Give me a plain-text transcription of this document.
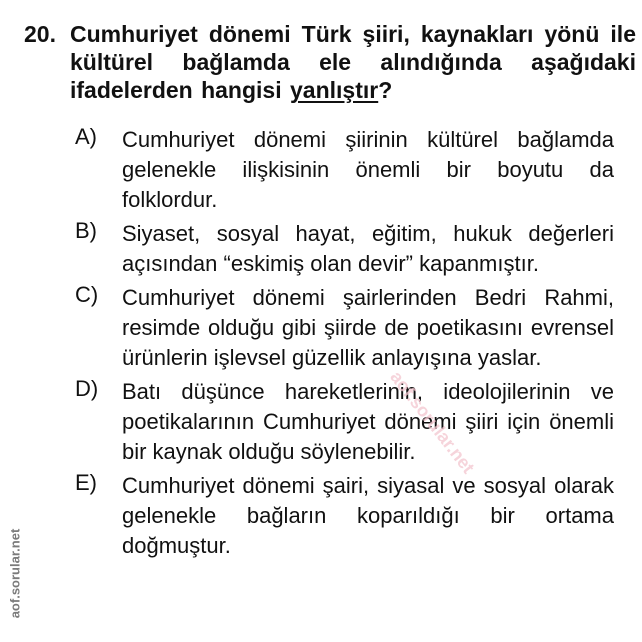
20. Cumhuriyet dönemi Türk şiiri, kaynakları yönü ile kültürel bağlamda ele alındığında aşağıdaki ifadelerden hangisi yanlıştır?
A) Cumhuriyet dönemi şiirinin kültürel bağlamda gelenekle ilişkisinin önemli bir boyutu da folklordur.
B) Siyaset, sosyal hayat, eğitim, hukuk değerleri açısından “eskimiş olan devir” kapanmıştır.
C) Cumhuriyet dönemi şairlerinden Bedri Rahmi, resimde olduğu gibi şiirde de poetikasını evrensel ürünlerin işlevsel güzellik anlayışına yaslar.
D) Batı düşünce hareketlerinin, ideolojilerinin ve poetikalarının Cumhuriyet dönemi şiiri için önemli bir kaynak olduğu söylenebilir.
E) Cumhuriyet dönemi şairi, siyasal ve sosyal olarak gelenekle bağların koparıldığı bir ortama doğmuştur.
aof.sorular.net
aof.sorular.net
